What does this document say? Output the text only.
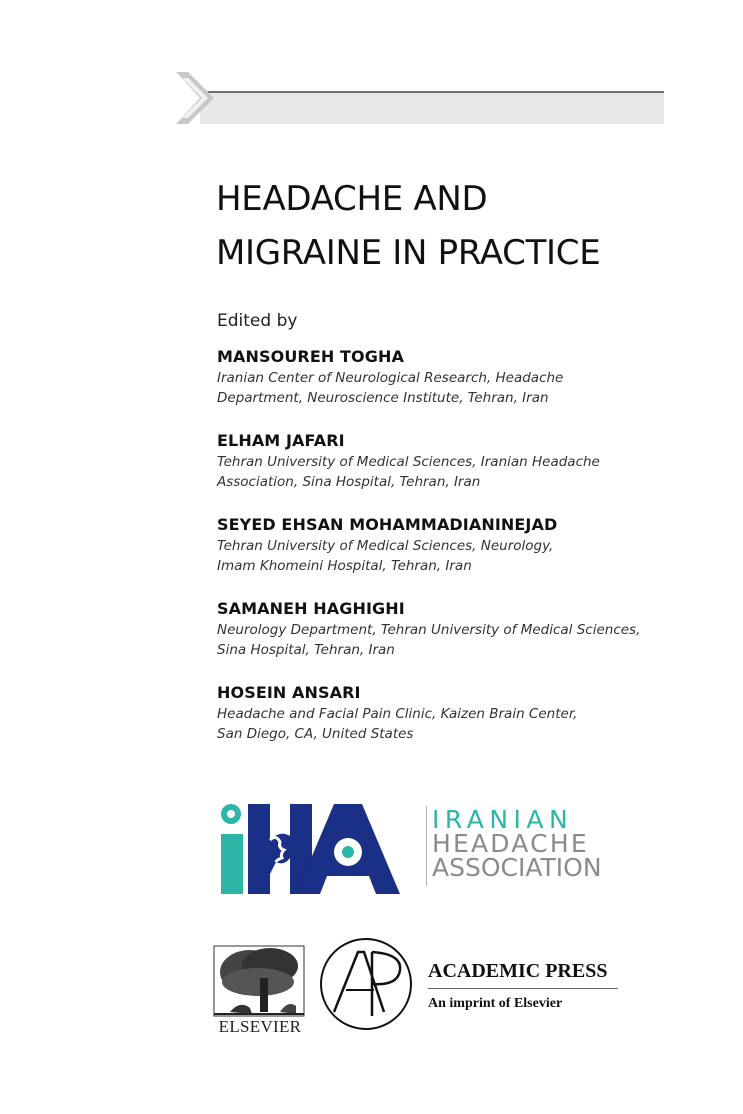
HEADACHE AND
MIGRAINE IN PRACTICE
Edited by
MANSOUREH TOGHA
Iranian Center of Neurological Research, Headache
Department, Neuroscience Institute, Tehran, Iran
ELHAM JAFARI
Tehran University of Medical Sciences, Iranian Headache
Association, Sina Hospital, Tehran, Iran
SEYED EHSAN MOHAMMADIANINEJAD
Tehran University of Medical Sciences, Neurology,
Imam Khomeini Hospital, Tehran, Iran
SAMANEH HAGHIGHI
Neurology Department, Tehran University of Medical Sciences,
Sina Hospital, Tehran, Iran
HOSEIN ANSARI
Headache and Facial Pain Clinic, Kaizen Brain Center,
San Diego, CA, United States
IRANIAN
HEADACHE
ASSOCIATION
ELSEVIER
ACADEMIC PRESS
An imprint of Elsevier
